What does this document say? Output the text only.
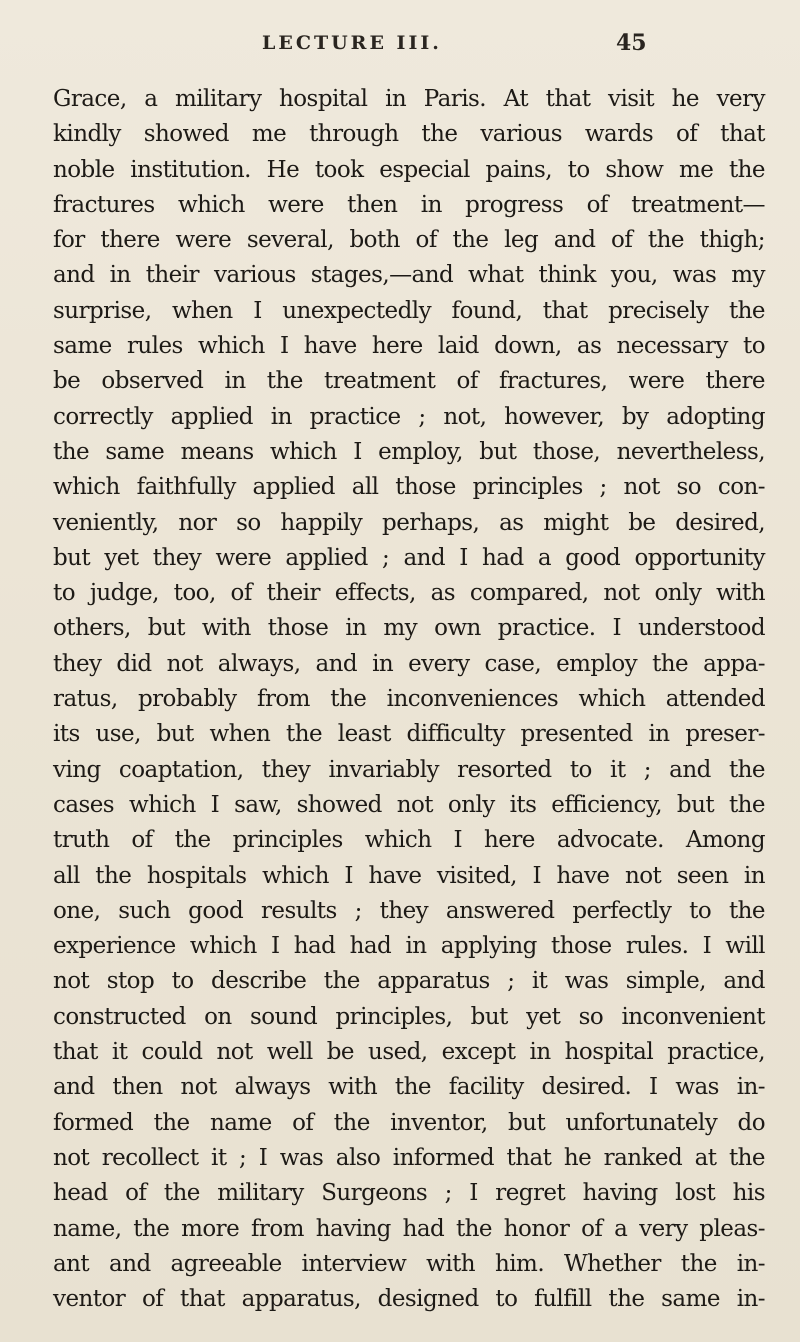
LECTURE III.	45
Grace, a military hospital in Paris. At that visit he very
kindly showed me through the various wards of that
noble institution. He took especial pains, to show me the
fractures which were then in progress of treatment—
for there were several, both of the leg and of the thigh;
and in their various stages,—and what think you, was my
surprise, when I unexpectedly found, that precisely the
same rules which I have here laid down, as necessary to
be observed in the treatment of fractures, were there
correctly applied in practice ; not, however, by adopting
the same means which I employ, but those, nevertheless,
which faithfully applied all those principles ; not so con-
veniently, nor so happily perhaps, as might be desired,
but yet they were applied ; and I had a good opportunity
to judge, too, of their effects, as compared, not only with
others, but with those in my own practice. I understood
they did not always, and in every case, employ the appa-
ratus, probably from the inconveniences which attended
its use, but when the least difficulty presented in preser-
ving coaptation, they invariably resorted to it ; and the
cases which I saw, showed not only its efficiency, but the
truth of the principles which I here advocate. Among
all the hospitals which I have visited, I have not seen in
one, such good results ; they answered perfectly to the
experience which I had had in applying those rules. I will
not stop to describe the apparatus ; it was simple, and
constructed on sound principles, but yet so inconvenient
that it could not well be used, except in hospital practice,
and then not always with the facility desired. I was in-
formed the name of the inventor, but unfortunately do
not recollect it ; I was also informed that he ranked at the
head of the military Surgeons ; I regret having lost his
name, the more from having had the honor of a very pleas-
ant and agreeable interview with him. Whether the in-
ventor of that apparatus, designed to fulfill the same in-
